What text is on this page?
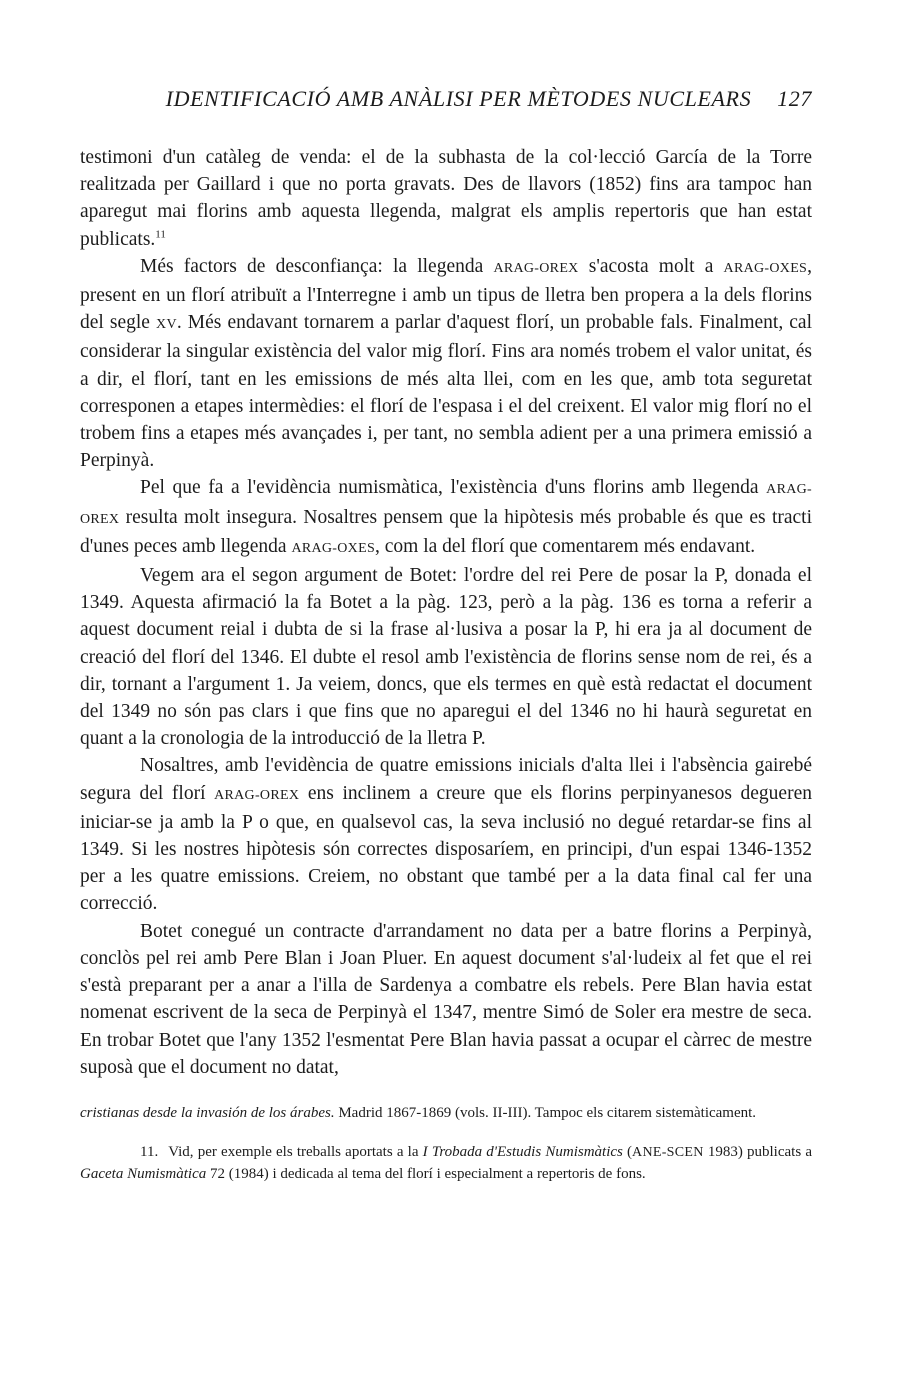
IDENTIFICACIÓ AMB ANÀLISI PER MÈTODES NUCLEARS 127

testimoni d'un catàleg de venda: el de la subhasta de la col·lecció García de la Torre realitzada per Gaillard i que no porta gravats. Des de llavors (1852) fins ara tampoc han aparegut mai florins amb aquesta llegenda, malgrat els amplis repertoris que han estat publicats.$^{11}$

Més factors de desconfiança: la llegenda ARAG-OREX s'acosta molt a ARAG-OXES, present en un florí atribuït a l'Interregne i amb un tipus de lletra ben propera a la dels florins del segle XV. Més endavant tornarem a parlar d'aquest florí, un probable fals. Finalment, cal considerar la singular existència del valor mig florí. Fins ara només trobem el valor unitat, és a dir, el florí, tant en les emissions de més alta llei, com en les que, amb tota seguretat corresponen a etapes intermèdies: el florí de l'espasa i el del creixent. El valor mig florí no el trobem fins a etapes més avançades i, per tant, no sembla adient per a una primera emissió a Perpinyà.

Pel que fa a l'evidència numismàtica, l'existència d'uns florins amb llegenda ARAG-OREX resulta molt insegura. Nosaltres pensem que la hipòtesis més probable és que es tracti d'unes peces amb llegenda ARAG-OXES, com la del florí que comentarem més endavant.

Vegem ara el segon argument de Botet: l'ordre del rei Pere de posar la P, donada el 1349. Aquesta afirmació la fa Botet a la pàg. 123, però a la pàg. 136 es torna a referir a aquest document reial i dubta de si la frase al·lusiva a posar la P, hi era ja al document de creació del florí del 1346. El dubte el resol amb l'existència de florins sense nom de rei, és a dir, tornant a l'argument 1. Ja veiem, doncs, que els termes en què està redactat el document del 1349 no són pas clars i que fins que no aparegui el del 1346 no hi haurà seguretat en quant a la cronologia de la introducció de la lletra P.

Nosaltres, amb l'evidència de quatre emissions inicials d'alta llei i l'absència gairebé segura del florí ARAG-OREX ens inclinem a creure que els florins perpinyanesos degueren iniciar-se ja amb la P o que, en qualsevol cas, la seva inclusió no degué retardar-se fins al 1349. Si les nostres hipòtesis són correctes disposaríem, en principi, d'un espai 1346-1352 per a les quatre emissions. Creiem, no obstant que també per a la data final cal fer una correcció.

Botet conegué un contracte d'arrandament no data per a batre florins a Perpinyà, conclòs pel rei amb Pere Blan i Joan Pluer. En aquest document s'al·ludeix al fet que el rei s'està preparant per a anar a l'illa de Sardenya a combatre els rebels. Pere Blan havia estat nomenat escrivent de la seca de Perpinyà el 1347, mentre Simó de Soler era mestre de seca. En trobar Botet que l'any 1352 l'esmentat Pere Blan havia passat a ocupar el càrrec de mestre suposà que el document no datat,

cristianas desde la invasión de los árabes. Madrid 1867-1869 (vols. II-III). Tampoc els citarem sistemàticament.

11. Vid, per exemple els treballs aportats a la I Trobada d'Estudis Numismàtics (ANE-SCEN 1983) publicats a Gaceta Numismàtica 72 (1984) i dedicada al tema del florí i especialment a repertoris de fons.
